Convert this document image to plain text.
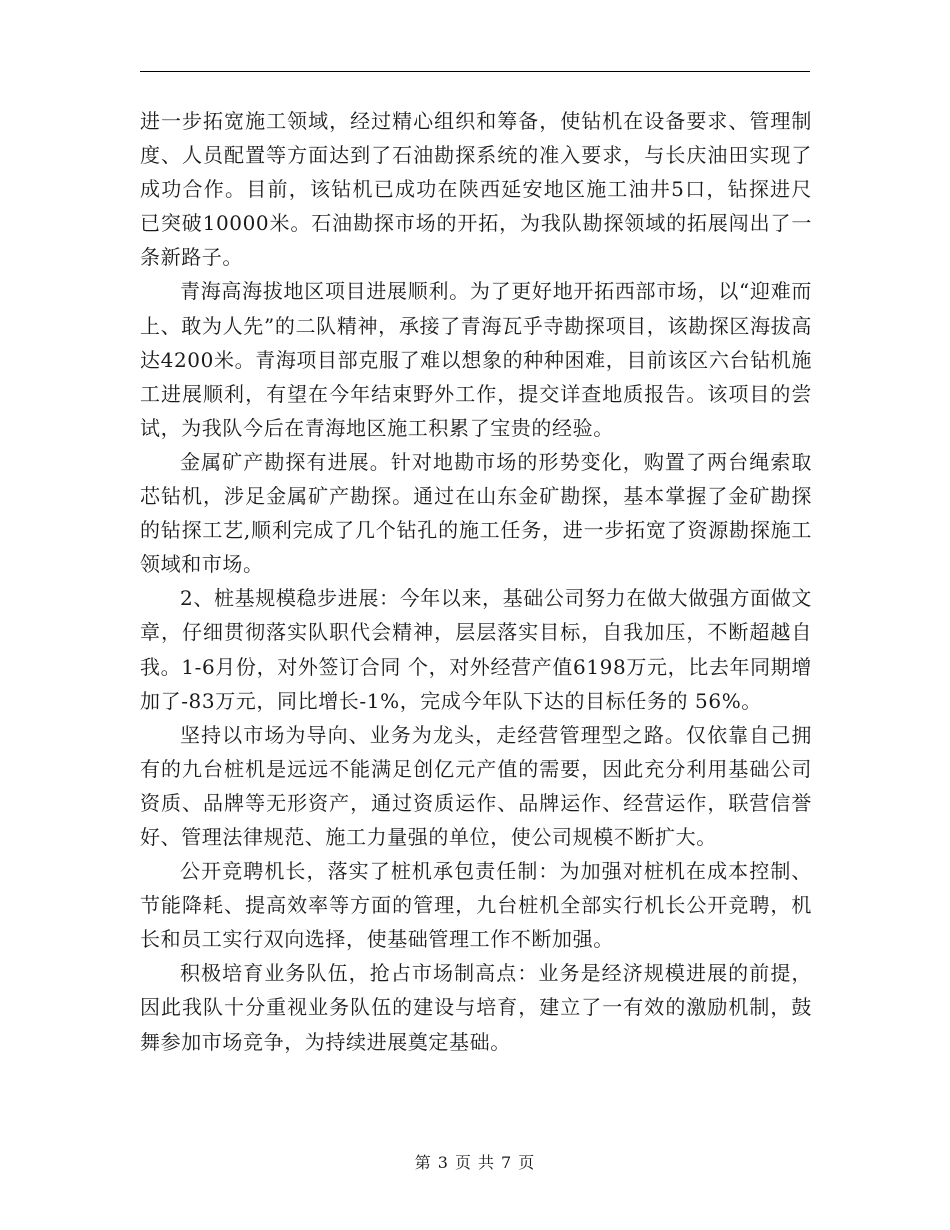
进一步拓宽施工领域，经过精心组织和筹备，使钻机在设备要求、管理制度、人员配置等方面达到了石油勘探系统的准入要求，与长庆油田实现了成功合作。目前，该钻机已成功在陕西延安地区施工油井5口，钻探进尺已突破10000米。石油勘探市场的开拓，为我队勘探领域的拓展闯出了一条新路子。

青海高海拔地区项目进展顺利。为了更好地开拓西部市场，以“迎难而上、敢为人先”的二队精神，承接了青海瓦乎寺勘探项目，该勘探区海拔高达4200米。青海项目部克服了难以想象的种种困难，目前该区六台钻机施工进展顺利，有望在今年结束野外工作，提交详查地质报告。该项目的尝试，为我队今后在青海地区施工积累了宝贵的经验。

金属矿产勘探有进展。针对地勘市场的形势变化，购置了两台绳索取芯钻机，涉足金属矿产勘探。通过在山东金矿勘探，基本掌握了金矿勘探的钻探工艺,顺利完成了几个钻孔的施工任务，进一步拓宽了资源勘探施工领域和市场。

2、桩基规模稳步进展：今年以来，基础公司努力在做大做强方面做文章，仔细贯彻落实队职代会精神，层层落实目标，自我加压，不断超越自我。1-6月份，对外签订合同 个，对外经营产值6198万元，比去年同期增加了-83万元，同比增长-1%，完成今年队下达的目标任务的 56%。

坚持以市场为导向、业务为龙头，走经营管理型之路。仅依靠自己拥有的九台桩机是远远不能满足创亿元产值的需要，因此充分利用基础公司资质、品牌等无形资产，通过资质运作、品牌运作、经营运作，联营信誉好、管理法律规范、施工力量强的单位，使公司规模不断扩大。

公开竞聘机长，落实了桩机承包责任制：为加强对桩机在成本控制、节能降耗、提高效率等方面的管理，九台桩机全部实行机长公开竞聘，机长和员工实行双向选择，使基础管理工作不断加强。

积极培育业务队伍，抢占市场制高点：业务是经济规模进展的前提，因此我队十分重视业务队伍的建设与培育，建立了一有效的激励机制，鼓舞参加市场竞争，为持续进展奠定基础。

第 3 页 共 7 页
